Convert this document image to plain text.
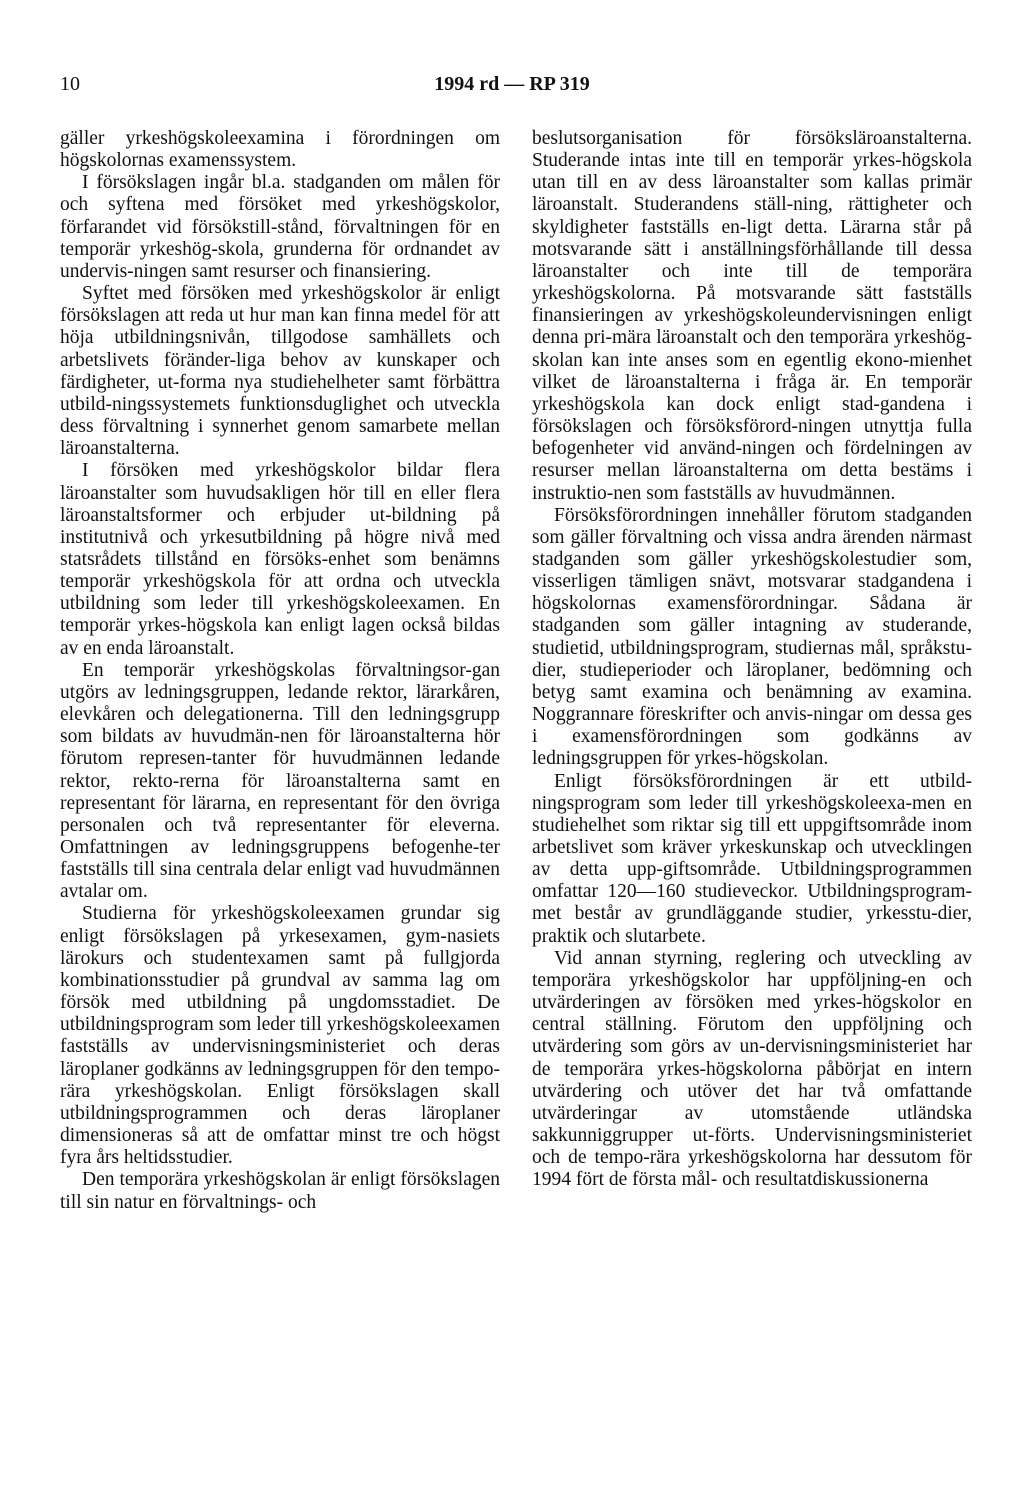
10	1994 rd — RP 319

gäller yrkeshögskoleexamina i förordningen om högskolornas examenssystem.

I försökslagen ingår bl.a. stadganden om målen för och syftena med försöket med yrkeshögskolor, förfarandet vid försökstill-stånd, förvaltningen för en temporär yrkeshög-skola, grunderna för ordnandet av undervis-ningen samt resurser och finansiering.

Syftet med försöken med yrkeshögskolor är enligt försökslagen att reda ut hur man kan finna medel för att höja utbildningsnivån, tillgodose samhällets och arbetslivets föränder-liga behov av kunskaper och färdigheter, ut-forma nya studiehelheter samt förbättra utbild-ningssystemets funktionsduglighet och utveckla dess förvaltning i synnerhet genom samarbete mellan läroanstalterna.

I försöken med yrkeshögskolor bildar flera läroanstalter som huvudsakligen hör till en eller flera läroanstaltsformer och erbjuder ut-bildning på institutnivå och yrkesutbildning på högre nivå med statsrådets tillstånd en försöks-enhet som benämns temporär yrkeshögskola för att ordna och utveckla utbildning som leder till yrkeshögskoleexamen. En temporär yrkes-högskola kan enligt lagen också bildas av en enda läroanstalt.

En temporär yrkeshögskolas förvaltningsor-gan utgörs av ledningsgruppen, ledande rektor, lärarkåren, elevkåren och delegationerna. Till den ledningsgrupp som bildats av huvudmän-nen för läroanstalterna hör förutom represen-tanter för huvudmännen ledande rektor, rekto-rerna för läroanstalterna samt en representant för lärarna, en representant för den övriga personalen och två representanter för eleverna. Omfattningen av ledningsgruppens befogenhe-ter fastställs till sina centrala delar enligt vad huvudmännen avtalar om.

Studierna för yrkeshögskoleexamen grundar sig enligt försökslagen på yrkesexamen, gym-nasiets lärokurs och studentexamen samt på fullgjorda kombinationsstudier på grundval av samma lag om försök med utbildning på ungdomsstadiet. De utbildningsprogram som leder till yrkeshögskoleexamen fastställs av undervisningsministeriet och deras läroplaner godkänns av ledningsgruppen för den tempo-rära yrkeshögskolan. Enligt försökslagen skall utbildningsprogrammen och deras läroplaner dimensioneras så att de omfattar minst tre och högst fyra års heltidsstudier.

Den temporära yrkeshögskolan är enligt försökslagen till sin natur en förvaltnings- och

beslutsorganisation för försöksläroanstalterna. Studerande intas inte till en temporär yrkes-högskola utan till en av dess läroanstalter som kallas primär läroanstalt. Studerandens ställ-ning, rättigheter och skyldigheter fastställs en-ligt detta. Lärarna står på motsvarande sätt i anställningsförhållande till dessa läroanstalter och inte till de temporära yrkeshögskolorna. På motsvarande sätt fastställs finansieringen av yrkeshögskoleundervisningen enligt denna pri-mära läroanstalt och den temporära yrkeshög-skolan kan inte anses som en egentlig ekono-mienhet vilket de läroanstalterna i fråga är. En temporär yrkeshögskola kan dock enligt stad-gandena i försökslagen och försöksförord-ningen utnyttja fulla befogenheter vid använd-ningen och fördelningen av resurser mellan läroanstalterna om detta bestäms i instruktio-nen som fastställs av huvudmännen.

Försöksförordningen innehåller förutom stadganden som gäller förvaltning och vissa andra ärenden närmast stadganden som gäller yrkeshögskolestudier som, visserligen tämligen snävt, motsvarar stadgandena i högskolornas examensförordningar. Sådana är stadganden som gäller intagning av studerande, studietid, utbildningsprogram, studiernas mål, språkstu-dier, studieperioder och läroplaner, bedömning och betyg samt examina och benämning av examina. Noggrannare föreskrifter och anvis-ningar om dessa ges i examensförordningen som godkänns av ledningsgruppen för yrkes-högskolan.

Enligt försöksförordningen är ett utbild-ningsprogram som leder till yrkeshögskoleexa-men en studiehelhet som riktar sig till ett uppgiftsområde inom arbetslivet som kräver yrkeskunskap och utvecklingen av detta upp-giftsområde. Utbildningsprogrammen omfattar 120—160 studieveckor. Utbildningsprogram-met består av grundläggande studier, yrkesstu-dier, praktik och slutarbete.

Vid annan styrning, reglering och utveckling av temporära yrkeshögskolor har uppföljning-en och utvärderingen av försöken med yrkes-högskolor en central ställning. Förutom den uppföljning och utvärdering som görs av un-dervisningsministeriet har de temporära yrkes-högskolorna påbörjat en intern utvärdering och utöver det har två omfattande utvärderingar av utomstående utländska sakkunniggrupper ut-förts. Undervisningsministeriet och de tempo-rära yrkeshögskolorna har dessutom för 1994 fört de första mål- och resultatdiskussionerna
